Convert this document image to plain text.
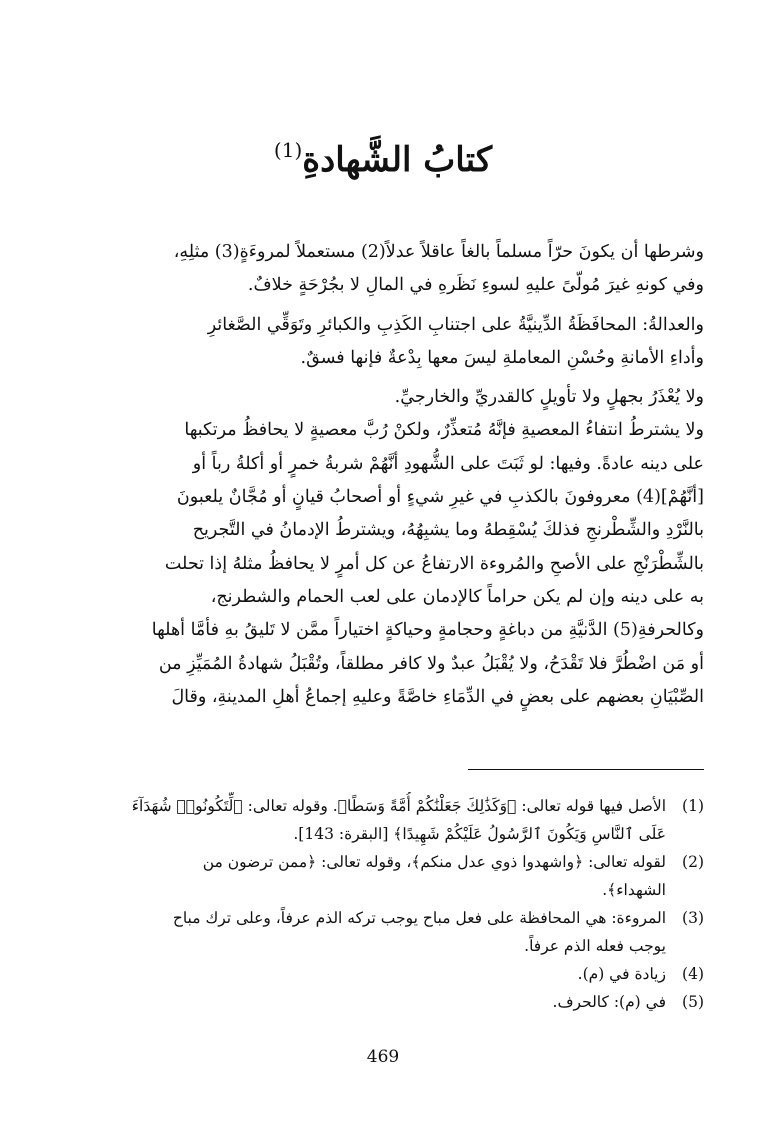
كتابُ الشَّهادةِ$^{(1)}$

وشرطها أن يكونَ حرّاً مسلماً بالغاً عاقلاً عدلاً(2) مستعملاً لمروءَةٍ(3) مثلِهِ،

وفي كونهِ غيرَ مُولّىً عليهِ لسوءِ نَظَرهِ في المالِ لا بجُرْحَةٍ خلافٌ.

والعدالةُ: المحافَظَةُ الدِّينيَّةُ على اجتنابِ الكَذِبِ والكبائرِ وتَوَقِّي الصَّغائرِ

وأداءِ الأمانةِ وحُسْنِ المعاملةِ ليسَ معها بِدْعةٌ فإنها فسقٌ.

ولا يُعْذَرُ بجهلٍ ولا تأويلٍ كالقدريِّ والخارجيِّ.

ولا يشترطُ انتفاءُ المعصيةِ فإنَّهُ مُتعذِّرٌ، ولكنْ رُبَّ معصيةٍ لا يحافظُ مرتكبها

على دينه عادةً. وفيها: لو ثَبَتَ على الشُّهودِ أنَّهُمْ شربةُ خمرٍ أو أكلةُ رباً أو

[أنَّهُمْ](4) معروفونَ بالكذبِ في غيرِ شيءٍ أو أصحابُ قيانٍ أو مُجَّانٌ يلعبونَ

بالنَّرْدِ والشِّطْرنجِ فذلكَ يُسْقِطهُ وما يشبِهُهُ، ويشترطُ الإدمانُ في التَّجريح

بالشِّطْرَنْجِ على الأصحِ والمُروءة الارتفاعُ عن كل أمرٍ لا يحافظُ مثلهُ إذا تحلت

به على دينه وإن لم يكن حراماً كالإدمان على لعب الحمام والشطرنج،

وكالحرفةِ(5) الدَّنيَّةِ من دباغةٍ وحجامةٍ وحياكةٍ اختياراً ممَّن لا تَليقُ بهِ فأمَّا أهلها

أو مَن اضْطُرَّ فلا تَقْدَحُ، ولا يُقْبَلُ عبدٌ ولا كافر مطلقاً، وتُقْبَلُ شهادةُ المُمَيِّزِ من

الصِّبْيَانِ بعضهم على بعضٍ في الدِّمَاءِ خاصَّةً وعليهِ إجماعُ أهلِ المدينةِ، وقالَ

(1)
الأصل فيها قوله تعالى: ﴿وَكَذَٰلِكَ جَعَلْنَٰكُمْ أُمَّةً وَسَطًا﴾. وقوله تعالى: ﴿لِّتَكُونُوا۟ شُهَدَآءَ
عَلَى ٱلنَّاسِ وَيَكُونَ ٱلرَّسُولُ عَلَيْكُمْ شَهِيدًا﴾ [البقرة: 143].
(2)
لقوله تعالى: ﴿واشهدوا ذوي عدل منكم﴾، وقوله تعالى: ﴿ممن ترضون من
الشهداء﴾.
(3)
المروءة: هي المحافظة على فعل مباح يوجب تركه الذم عرفاً، وعلى ترك مباح
يوجب فعله الذم عرفاً.
(4)
زيادة في (م).
(5)
في (م): كالحرف.
469
